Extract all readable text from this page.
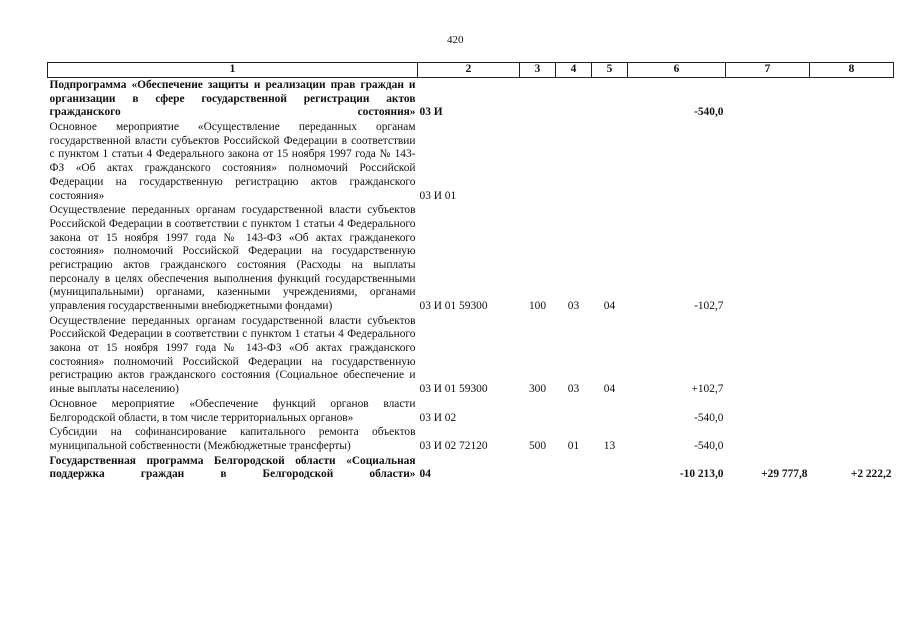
420
1	2	3	4	5	6	7	8
Подпрограмма «Обеспечение защиты и реализации прав граждан и организации в сфере государственной регистрации актов гражданского состояния»	03 И				-540,0		
Основное мероприятие «Осуществление переданных органам государственной власти субъектов Российской Федерации в соответствии с пунктом 1 статьи 4 Федерального закона от 15 ноября 1997 года № 143-ФЗ «Об актах гражданского состояния» полномочий Российской Федерации на государственную регистрацию актов гражданского состояния»	03 И 01						
Осуществление переданных органам государственной власти субъектов Российской Федерации в соответствии с пунктом 1 статьи 4 Федерального закона от 15 ноября 1997 года № 143-ФЗ «Об актах гражданекого состояния» полномочий Российской Федерации на государственную регистрацию актов гражданского состояния (Расходы на выплаты персоналу в целях обеспечения выполнения функций государственными (муниципальными) органами, казенными учреждениями, органами управления государственными внебюджетными фондами)	03 И 01 59300	100	03	04	-102,7		
Осуществление переданных органам государственной власти субъектов Российской Федерации в соответствии с пунктом 1 статьи 4 Федерального закона от 15 ноября 1997 года № 143-ФЗ «Об актах гражданского состояния» полномочий Российской Федерации на государственную регистрацию актов гражданского состояния (Социальное обеспечение и иные выплаты населению)	03 И 01 59300	300	03	04	+102,7		
Основное мероприятие «Обеспечение функций органов власти Белгородской области, в том числе территориальных органов»	03 И 02				-540,0		
Субсидии на софинансирование капитального ремонта объектов муниципальной собственности (Межбюджетные трансферты)	03 И 02 72120	500	01	13	-540,0		
Государственная программа Белгородской области «Социальная поддержка граждан в Белгородской области»	04				-10 213,0	+29 777,8	+2 222,2
